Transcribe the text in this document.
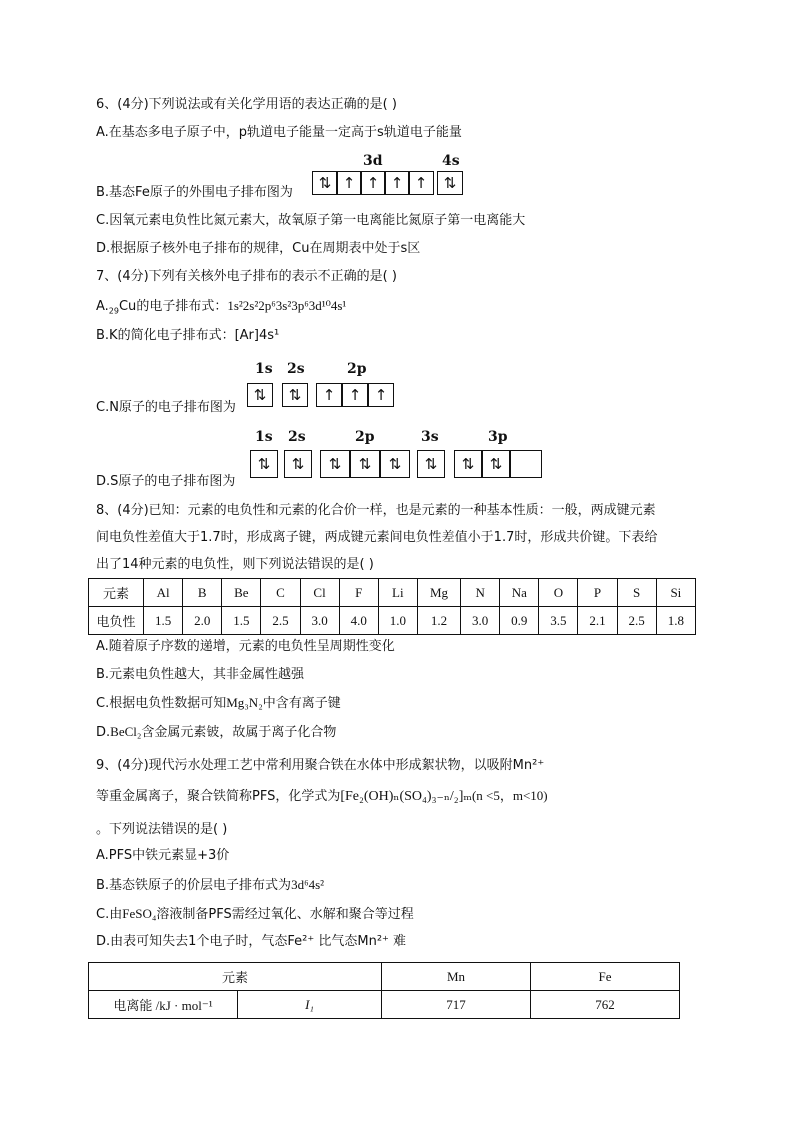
6、(4分)下列说法或有关化学用语的表达正确的是( )
A.在基态多电子原子中，p轨道电子能量一定高于s轨道电子能量
B.基态Fe原子的外围电子排布图为
3d	4s
⇅ ↑ ↑ ↑ ↑	⇅
C.因氧元素电负性比氮元素大，故氧原子第一电离能比氮原子第一电离能大
D.根据原子核外电子排布的规律，Cu在周期表中处于s区
7、(4分)下列有关核外电子排布的表示不正确的是( )
$A._{29}Cu$的电子排布式：1s²2s²2p⁶3s²3p⁶3d¹⁰4s¹
B.K的简化电子排布式：[Ar]4s¹
C.N原子的电子排布图为
1s 2s	2p
⇅	⇅	↑ ↑ ↑
D.S原子的电子排布图为
1s 2s	2p	3s	3p
⇅	⇅	⇅	⇅	⇅	⇅	⇅	⇅
8、(4分)已知：元素的电负性和元素的化合价一样，也是元素的一种基本性质：一般，两成键元素
间电负性差值大于1.7时，形成离子键，两成键元素间电负性差值小于1.7时，形成共价键。下表给
出了14种元素的电负性，则下列说法错误的是( )
元素	Al	B	Be	C	Cl	F	Li	Mg	N	Na	O	P	S	Si
电负性	1.5	2.0	1.5	2.5	3.0	4.0	1.0	1.2	3.0	0.9	3.5	2.1	2.5	1.8
A.随着原子序数的递增，元素的电负性呈周期性变化
B.元素电负性越大，其非金属性越强
C.根据电负性数据可知Mg₃N₂中含有离子键
D.BeCl₂含金属元素铍，故属于离子化合物
9、(4分)现代污水处理工艺中常利用聚合铁在水体中形成絮状物，以吸附Mn²⁺
等重金属离子，聚合铁简称PFS，化学式为[Fe₂(OH)ₙ(SO₄)₃₋ₙ/₂]ₘ(n <5，m<10)
。下列说法错误的是( )
A.PFS中铁元素显+3价
B.基态铁原子的价层电子排布式为3d⁶4s²
C.由FeSO₄溶液制备PFS需经过氧化、水解和聚合等过程
D.由表可知失去1个电子时，气态Fe²⁺ 比气态Mn²⁺ 难
元素		Mn	Fe
电离能 /kJ · mol⁻¹	I₁	717	762
